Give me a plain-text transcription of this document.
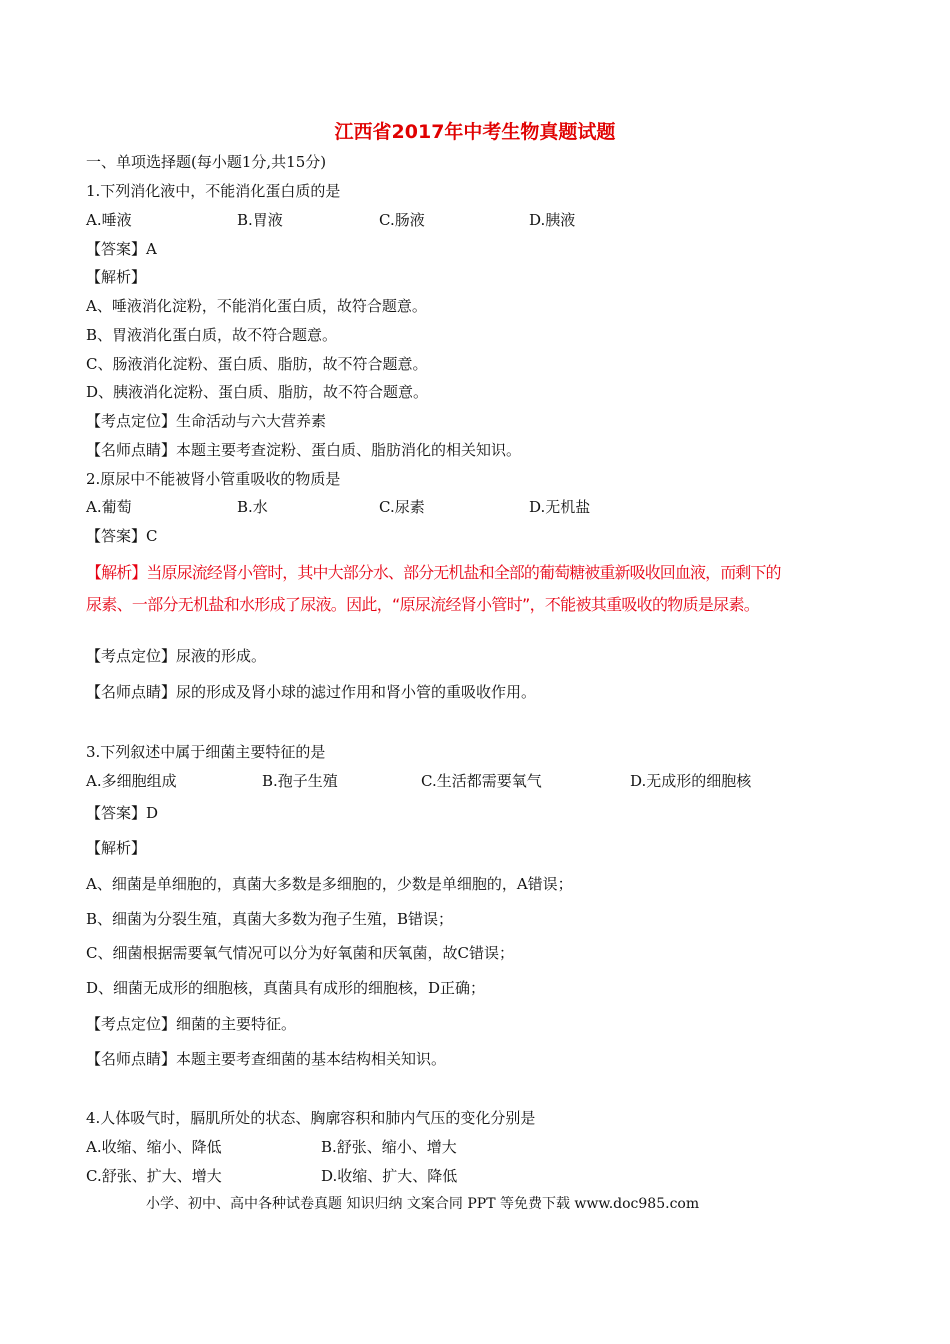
江西省2017年中考生物真题试题
一、单项选择题(每小题1分,共15分)
1.下列消化液中，不能消化蛋白质的是
A.唾液	B.胃液	C.肠液	D.胰液
【答案】A
【解析】
A、唾液消化淀粉，不能消化蛋白质，故符合题意。
B、胃液消化蛋白质，故不符合题意。
C、肠液消化淀粉、蛋白质、脂肪，故不符合题意。
D、胰液消化淀粉、蛋白质、脂肪，故不符合题意。
【考点定位】生命活动与六大营养素
【名师点睛】本题主要考查淀粉、蛋白质、脂肪消化的相关知识。
2.原尿中不能被肾小管重吸收的物质是
A.葡萄	B.水	C.尿素	D.无机盐
【答案】C
【解析】当原尿流经肾小管时，其中大部分水、部分无机盐和全部的葡萄糖被重新吸收回血液，而剩下的
尿素、一部分无机盐和水形成了尿液。因此，“原尿流经肾小管时”，不能被其重吸收的物质是尿素。
【考点定位】尿液的形成。
【名师点睛】尿的形成及肾小球的滤过作用和肾小管的重吸收作用。
3.下列叙述中属于细菌主要特征的是
A.多细胞组成	B.孢子生殖	C.生活都需要氧气	D.无成形的细胞核
【答案】D
【解析】
A、细菌是单细胞的，真菌大多数是多细胞的，少数是单细胞的，A错误；
B、细菌为分裂生殖，真菌大多数为孢子生殖，B错误；
C、细菌根据需要氧气情况可以分为好氧菌和厌氧菌，故C错误；
D、细菌无成形的细胞核，真菌具有成形的细胞核，D正确；
【考点定位】细菌的主要特征。
【名师点睛】本题主要考查细菌的基本结构相关知识。
4.人体吸气时，膈肌所处的状态、胸廓容积和肺内气压的变化分别是
A.收缩、缩小、降低	B.舒张、缩小、增大
C.舒张、扩大、增大	D.收缩、扩大、降低
小学、初中、高中各种试卷真题 知识归纳 文案合同 PPT 等免费下载 www.doc985.com
